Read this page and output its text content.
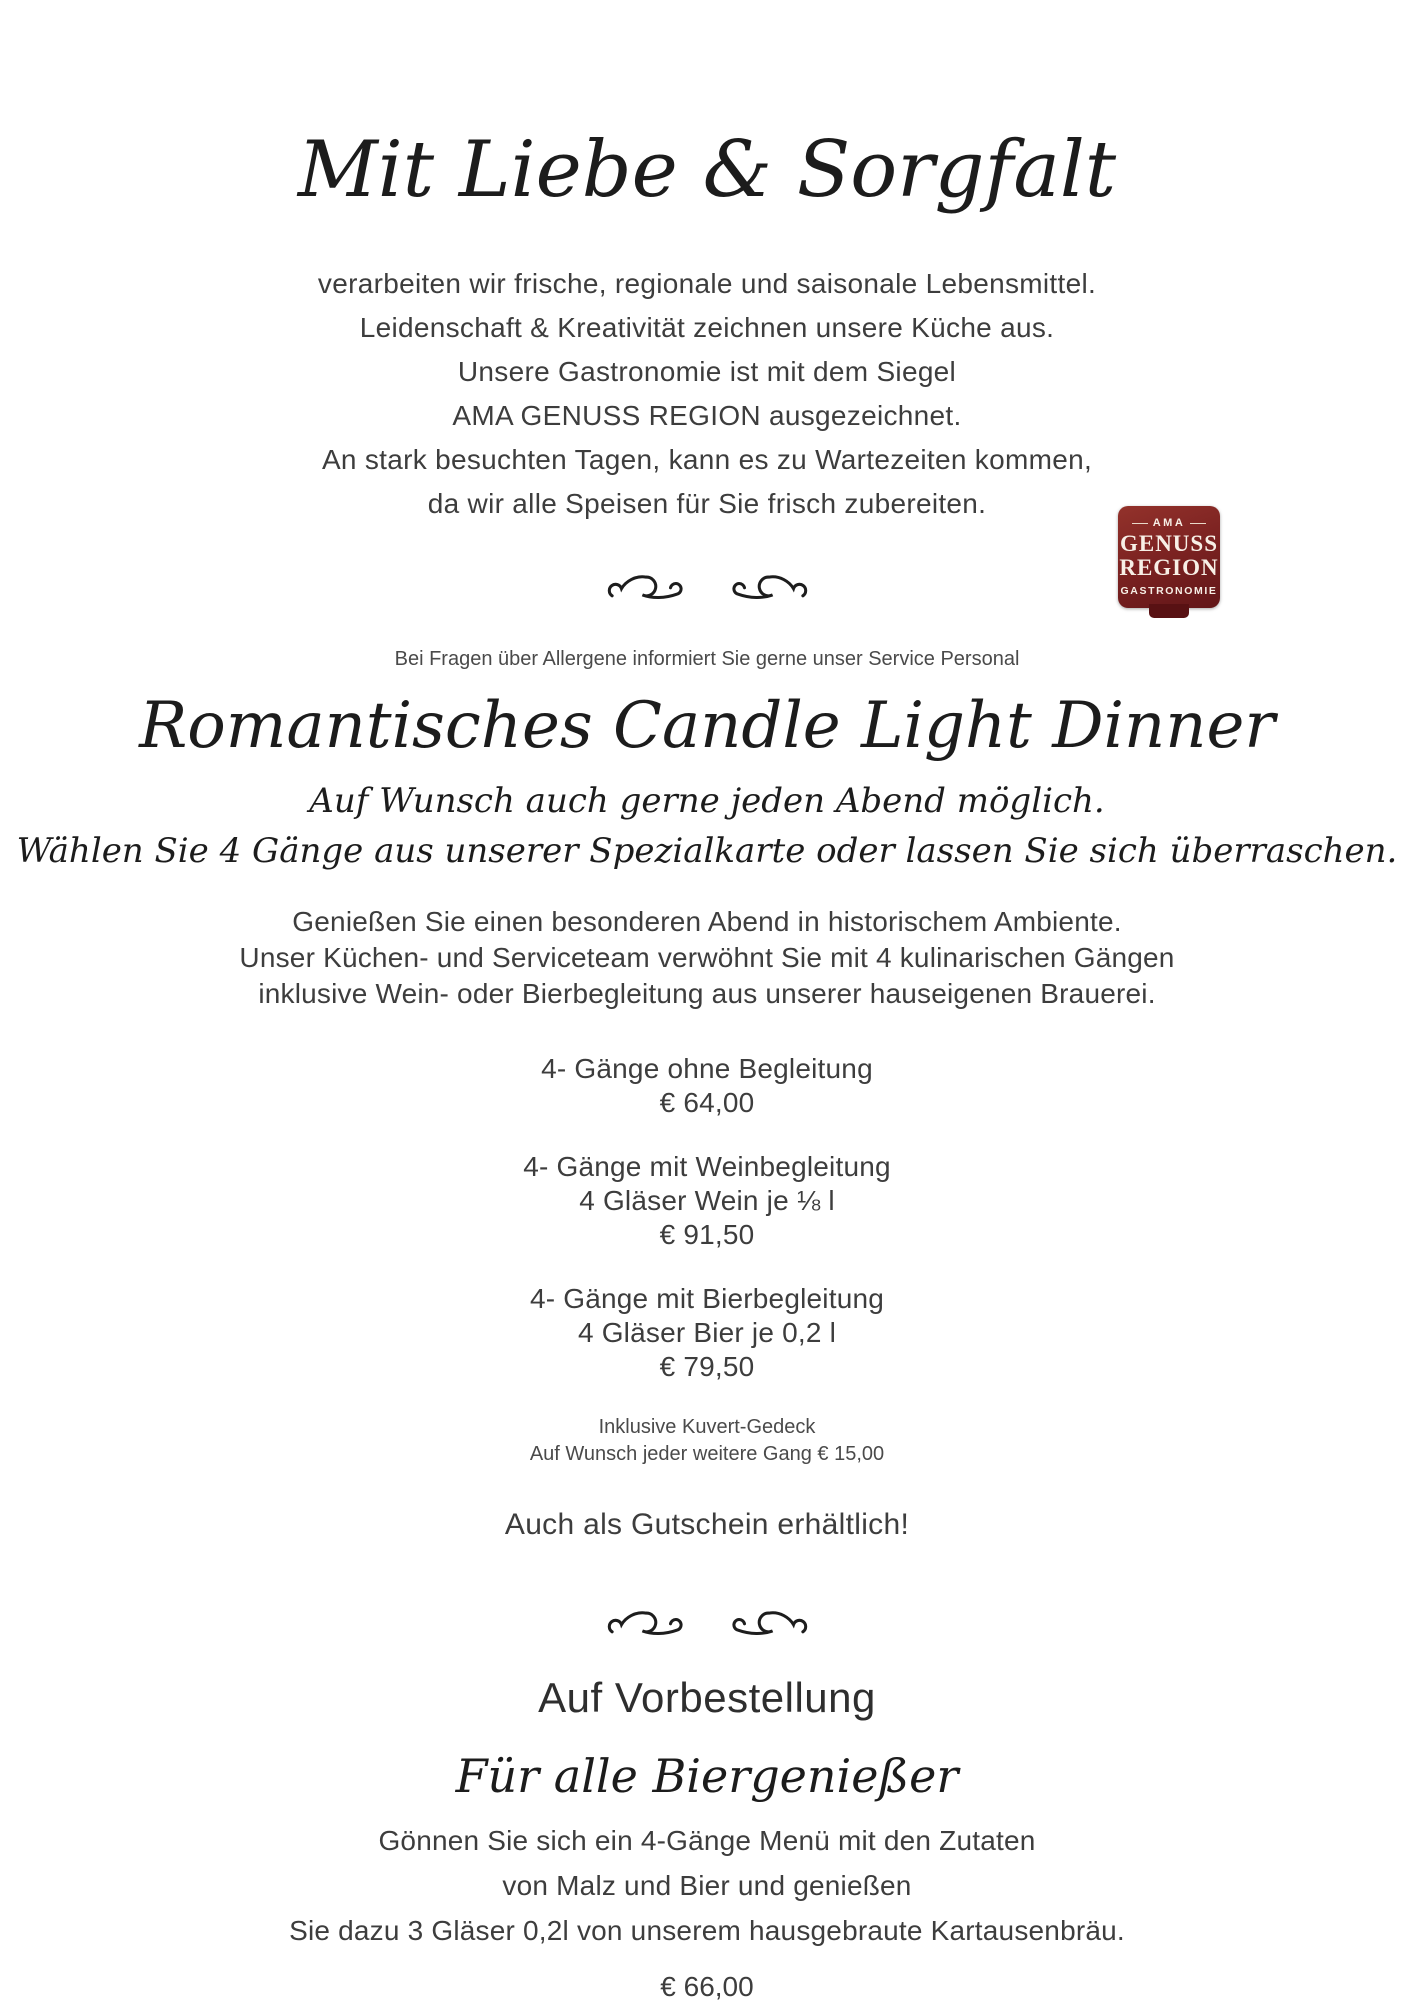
Mit Liebe & Sorgfalt
verarbeiten wir frische, regionale und saisonale Lebensmittel.
Leidenschaft & Kreativität zeichnen unsere Küche aus.
Unsere Gastronomie ist mit dem Siegel
AMA GENUSS REGION ausgezeichnet.
An stark besuchten Tagen, kann es zu Wartezeiten kommen,
da wir alle Speisen für Sie frisch zubereiten.
AMA
GENUSS
REGION
GASTRONOMIE
Bei Fragen über Allergene informiert Sie gerne unser Service Personal
Romantisches Candle Light Dinner
Auf Wunsch auch gerne jeden Abend möglich.
Wählen Sie 4 Gänge aus unserer Spezialkarte oder lassen Sie sich überraschen.
Genießen Sie einen besonderen Abend in historischem Ambiente.
Unser Küchen- und Serviceteam verwöhnt Sie mit 4 kulinarischen Gängen
inklusive Wein- oder Bierbegleitung aus unserer hauseigenen Brauerei.
4- Gänge ohne Begleitung
€ 64,00
4- Gänge mit Weinbegleitung
4 Gläser Wein je ⅛ l
€ 91,50
4- Gänge mit Bierbegleitung
4 Gläser Bier je 0,2 l
€ 79,50
Inklusive Kuvert-Gedeck
Auf Wunsch jeder weitere Gang € 15,00
Auch als Gutschein erhältlich!
Auf Vorbestellung
Für alle Biergenießer
Gönnen Sie sich ein 4-Gänge Menü mit den Zutaten
von Malz und Bier und genießen
Sie dazu 3 Gläser 0,2l von unserem hausgebraute Kartausenbräu.
€ 66,00
